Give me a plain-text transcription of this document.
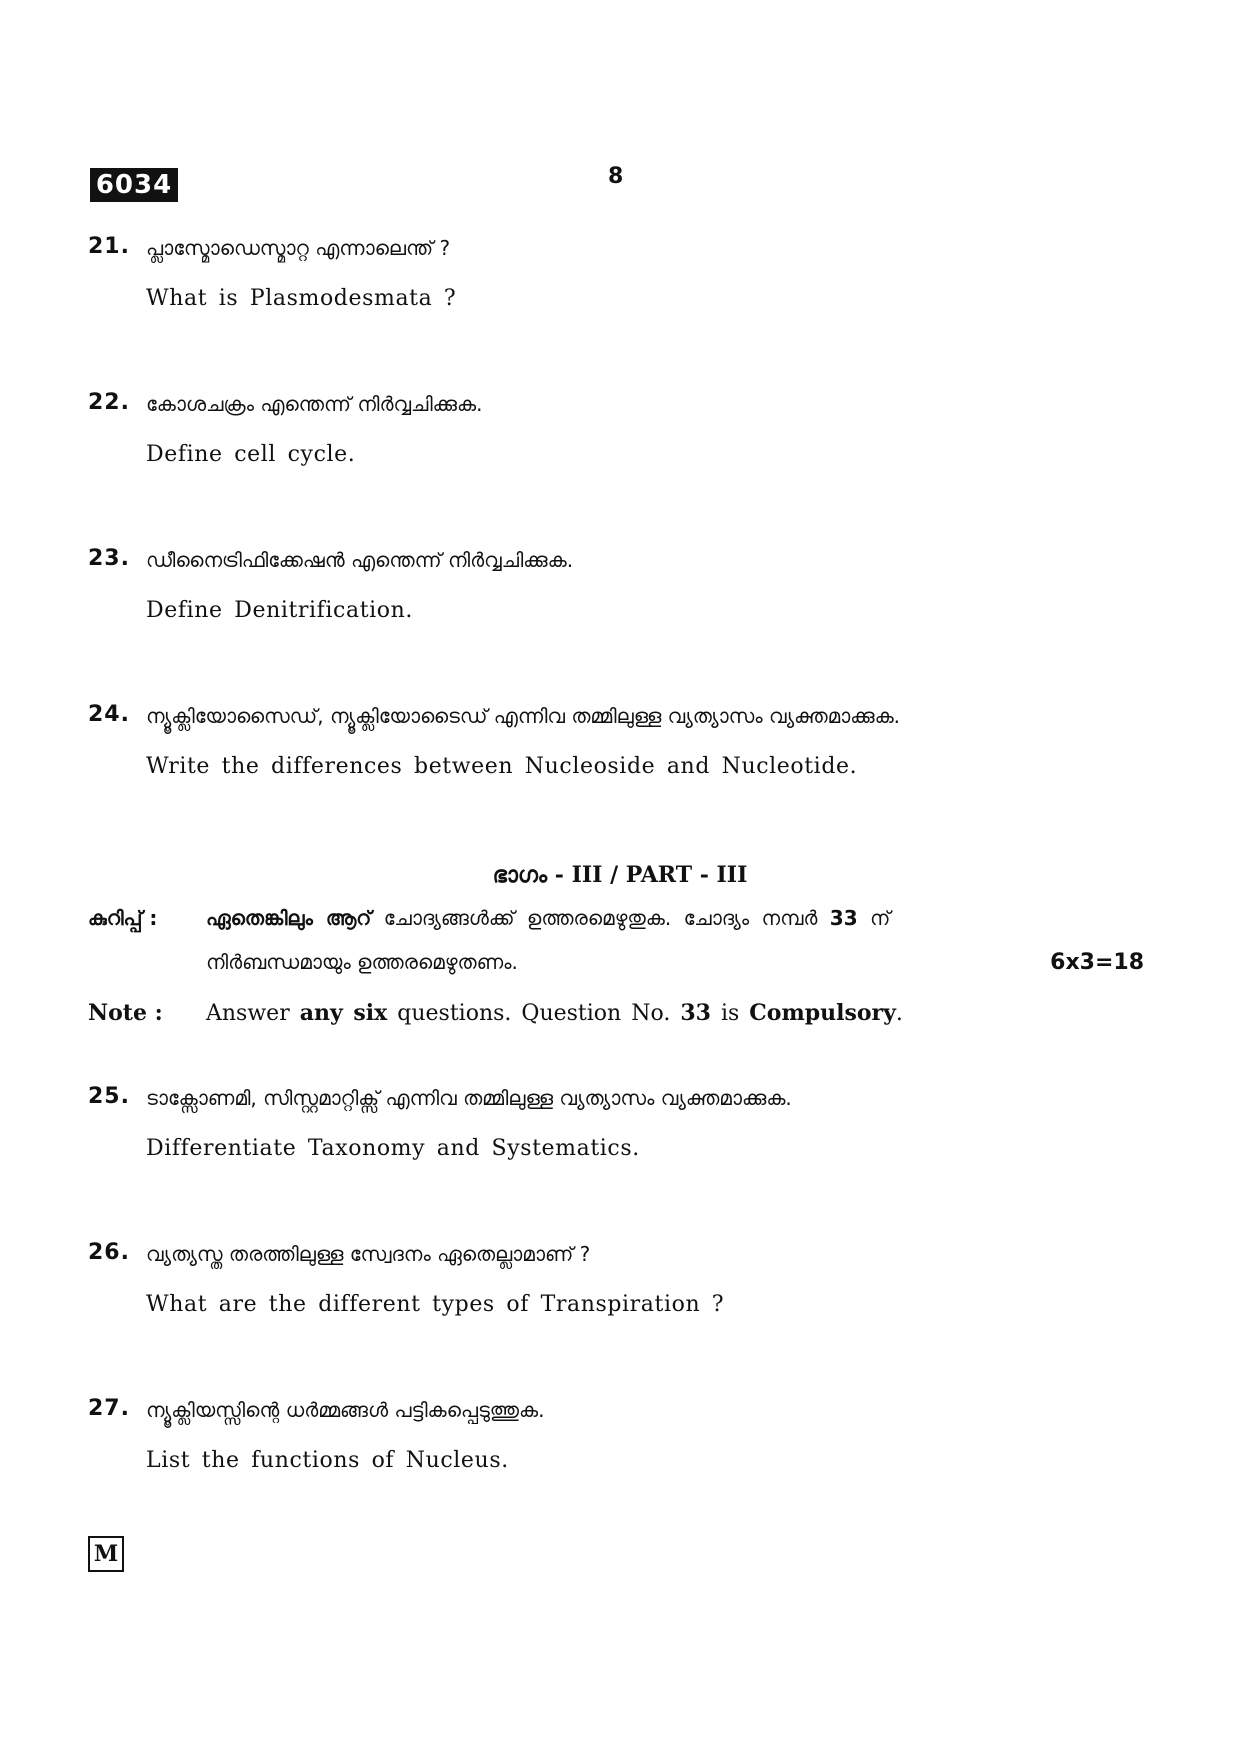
6034	8
21. പ്ലാസ്മോഡെസ്മാറ്റ എന്നാലെന്ത് ?
What is Plasmodesmata ?
22. കോശചക്രം എന്തെന്ന് നിർവ്വചിക്കുക.
Define cell cycle.
23. ഡീനൈട്രിഫിക്കേഷൻ എന്തെന്ന് നിർവ്വചിക്കുക.
Define Denitrification.
24. ന്യൂക്ലിയോസൈഡ്, ന്യൂക്ലിയോടൈഡ് എന്നിവ തമ്മിലുള്ള വ്യത്യാസം വ്യക്തമാക്കുക.
Write the differences between Nucleoside and Nucleotide.
ഭാഗം - III / PART - III
കുറിപ്പ് : ഏതെങ്കിലും ആറ് ചോദ്യങ്ങൾക്ക് ഉത്തരമെഴുതുക. ചോദ്യം നമ്പർ 33 ന്
നിർബന്ധമായും ഉത്തരമെഴുതണം.	6x3=18
Note : Answer any six questions. Question No. 33 is Compulsory.
25. ടാക്സോണമി, സിസ്റ്റമാറ്റിക്സ് എന്നിവ തമ്മിലുള്ള വ്യത്യാസം വ്യക്തമാക്കുക.
Differentiate Taxonomy and Systematics.
26. വ്യത്യസ്ത തരത്തിലുള്ള സ്വേദനം ഏതെല്ലാമാണ് ?
What are the different types of Transpiration ?
27. ന്യൂക്ലിയസ്സിന്റെ ധർമ്മങ്ങൾ പട്ടികപ്പെടുത്തുക.
List the functions of Nucleus.
M
